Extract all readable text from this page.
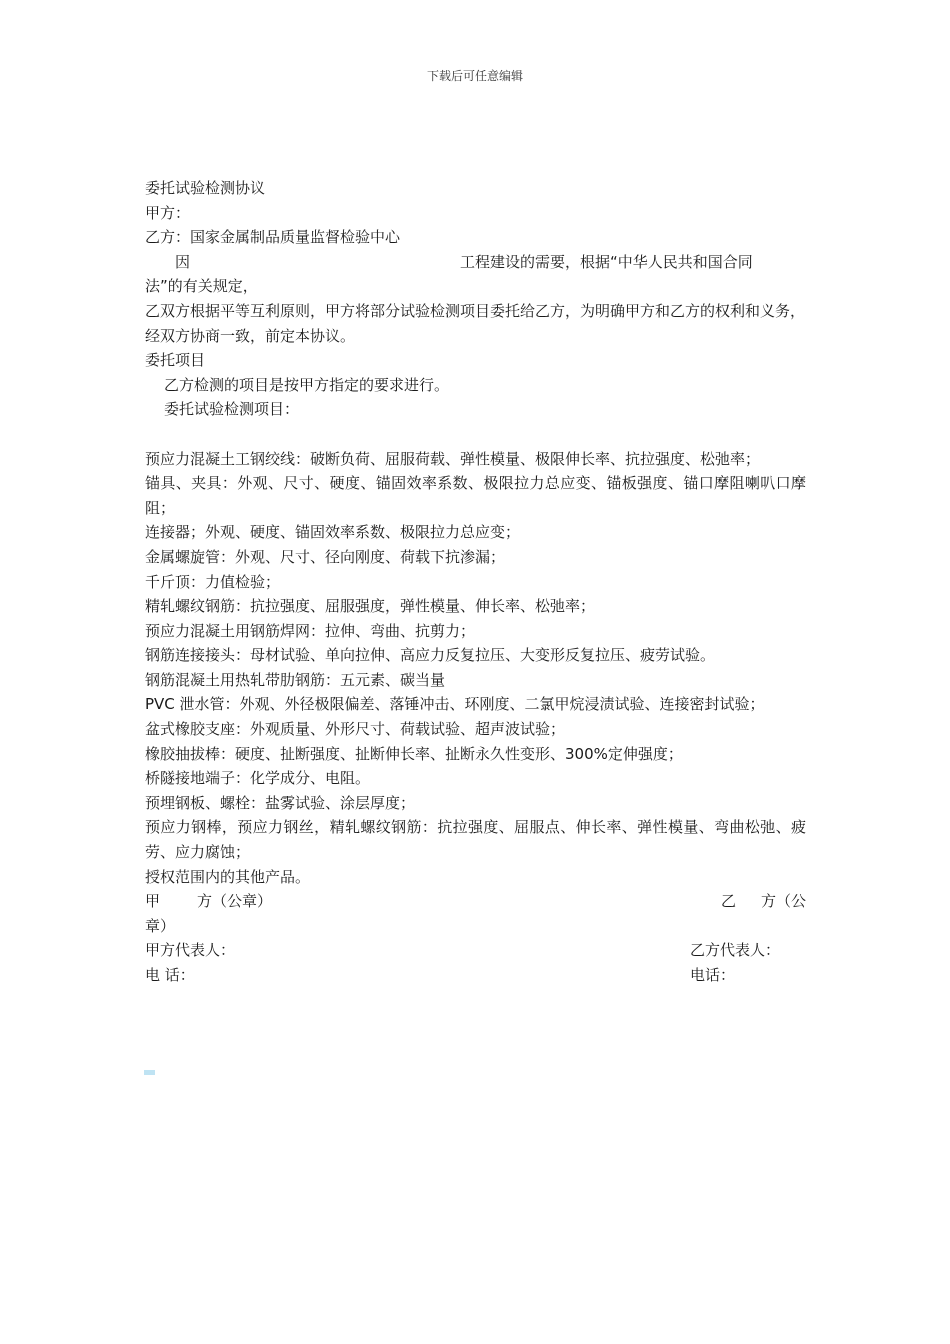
下载后可任意编辑

委托试验检测协议

甲方：

乙方：国家金属制品质量监督检验中心

因	工程建设的需要，根据“中华人民共和国合同

法”的有关规定，

乙双方根据平等互利原则，甲方将部分试验检测项目委托给乙方，为明确甲方和乙方的权利和义务，

经双方协商一致，前定本协议。

委托项目

乙方检测的项目是按甲方指定的要求进行。

委托试验检测项目：

预应力混凝土工钢绞线：破断负荷、屈服荷载、弹性模量、极限伸长率、抗拉强度、松弛率；

锚具、夹具：外观、尺寸、硬度、锚固效率系数、极限拉力总应变、锚板强度、锚口摩阻喇叭口摩阻；

连接器；外观、硬度、锚固效率系数、极限拉力总应变；

金属螺旋管：外观、尺寸、径向刚度、荷载下抗渗漏；

千斤顶：力值检验；

精轧螺纹钢筋：抗拉强度、屈服强度，弹性模量、伸长率、松弛率；

预应力混凝土用钢筋焊网：拉伸、弯曲、抗剪力；

钢筋连接接头：母材试验、单向拉伸、高应力反复拉压、大变形反复拉压、疲劳试验。

钢筋混凝土用热轧带肋钢筋：五元素、碳当量

PVC 泄水管：外观、外径极限偏差、落锤冲击、环刚度、二氯甲烷浸渍试验、连接密封试验；

盆式橡胶支座：外观质量、外形尺寸、荷载试验、超声波试验；

橡胶抽拔棒：硬度、扯断强度、扯断伸长率、扯断永久性变形、300%定伸强度；

桥隧接地端子：化学成分、电阻。

预埋钢板、螺栓：盐雾试验、涂层厚度；

预应力钢棒，预应力钢丝，精轧螺纹钢筋：抗拉强度、屈服点、伸长率、弹性模量、弯曲松弛、疲劳、应力腐蚀；

授权范围内的其他产品。

甲 方（公章）	乙 方（公

章）

甲方代表人：	乙方代表人：
电 话：	电话：
